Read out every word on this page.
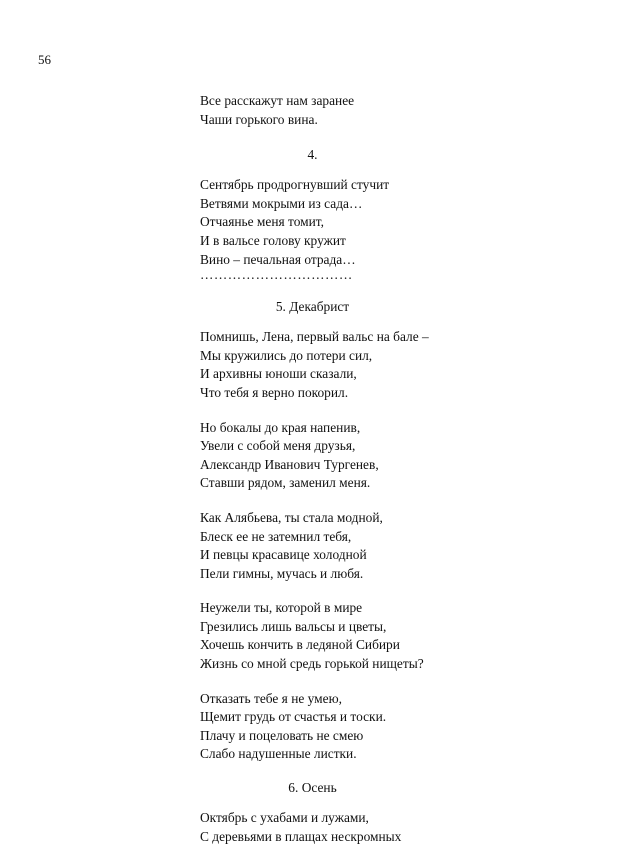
56
Все расскажут нам заранее
Чаши горького вина.
4.
Сентябрь продрогнувший стучит
Ветвями мокрыми из сада…
Отчаянье меня томит,
И в вальсе голову кружит
Вино – печальная отрада…
……………………………
5. Декабрист
Помнишь, Лена, первый вальс на бале –
Мы кружились до потери сил,
И архивны юноши сказали,
Что тебя я верно покорил.
Но бокалы до края напенив,
Увели с собой меня друзья,
Александр Иванович Тургенев,
Ставши рядом, заменил меня.
Как Алябьева, ты стала модной,
Блеск ее не затемнил тебя,
И певцы красавице холодной
Пели гимны, мучась и любя.
Неужели ты, которой в мире
Грезились лишь вальсы и цветы,
Хочешь кончить в ледяной Сибири
Жизнь со мной средь горькой нищеты?
Отказать тебе я не умею,
Щемит грудь от счастья и тоски.
Плачу и поцеловать не смею
Слабо надушенные листки.
6. Осень
Октябрь с ухабами и лужами,
С деревьями в плащах нескромных
